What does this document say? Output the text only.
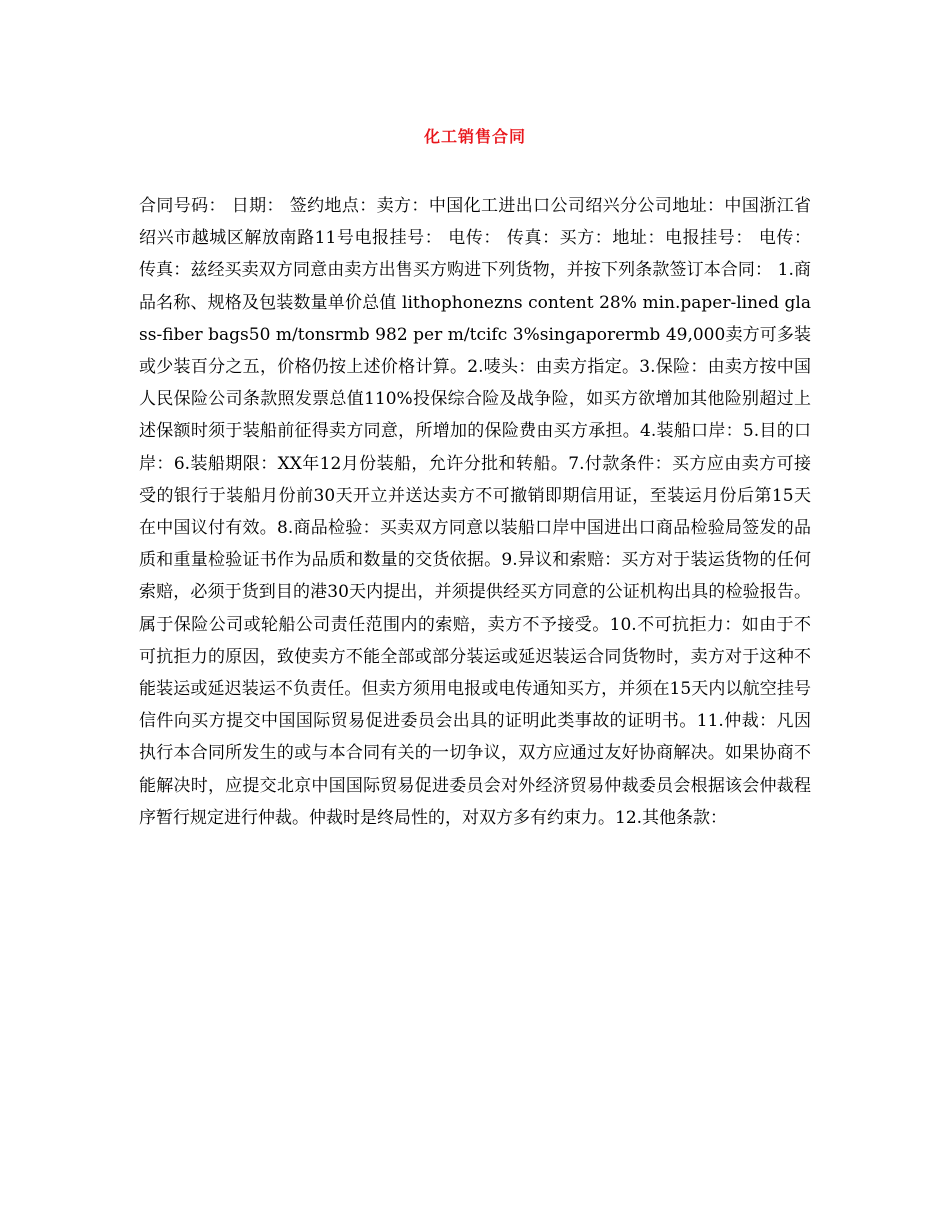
化工销售合同

合同号码： 日期： 签约地点：卖方：中国化工进出口公司绍兴分公司地址：中国浙江省绍兴市越城区解放南路11号电报挂号： 电传： 传真：买方：地址：电报挂号： 电传： 传真：兹经买卖双方同意由卖方出售买方购进下列货物，并按下列条款签订本合同： 1.商品名称、规格及包装数量单价总值 lithophonezns content 28% min.paper-lined glass-fiber bags50 m/tonsrmb 982 per m/tcifc 3%singaporermb 49,000卖方可多装或少装百分之五，价格仍按上述价格计算。2.唛头：由卖方指定。3.保险：由卖方按中国人民保险公司条款照发票总值110%投保综合险及战争险，如买方欲增加其他险别超过上述保额时须于装船前征得卖方同意，所增加的保险费由买方承担。4.装船口岸：5.目的口岸：6.装船期限：XX年12月份装船，允许分批和转船。7.付款条件：买方应由卖方可接受的银行于装船月份前30天开立并送达卖方不可撤销即期信用证，至装运月份后第15天在中国议付有效。8.商品检验：买卖双方同意以装船口岸中国进出口商品检验局签发的品质和重量检验证书作为品质和数量的交货依据。9.异议和索赔：买方对于装运货物的任何索赔，必须于货到目的港30天内提出，并须提供经买方同意的公证机构出具的检验报告。属于保险公司或轮船公司责任范围内的索赔，卖方不予接受。10.不可抗拒力：如由于不可抗拒力的原因，致使卖方不能全部或部分装运或延迟装运合同货物时，卖方对于这种不能装运或延迟装运不负责任。但卖方须用电报或电传通知买方，并须在15天内以航空挂号信件向买方提交中国国际贸易促进委员会出具的证明此类事故的证明书。11.仲裁：凡因执行本合同所发生的或与本合同有关的一切争议，双方应通过友好协商解决。如果协商不能解决时，应提交北京中国国际贸易促进委员会对外经济贸易仲裁委员会根据该会仲裁程序暂行规定进行仲裁。仲裁时是终局性的，对双方多有约束力。12.其他条款：
